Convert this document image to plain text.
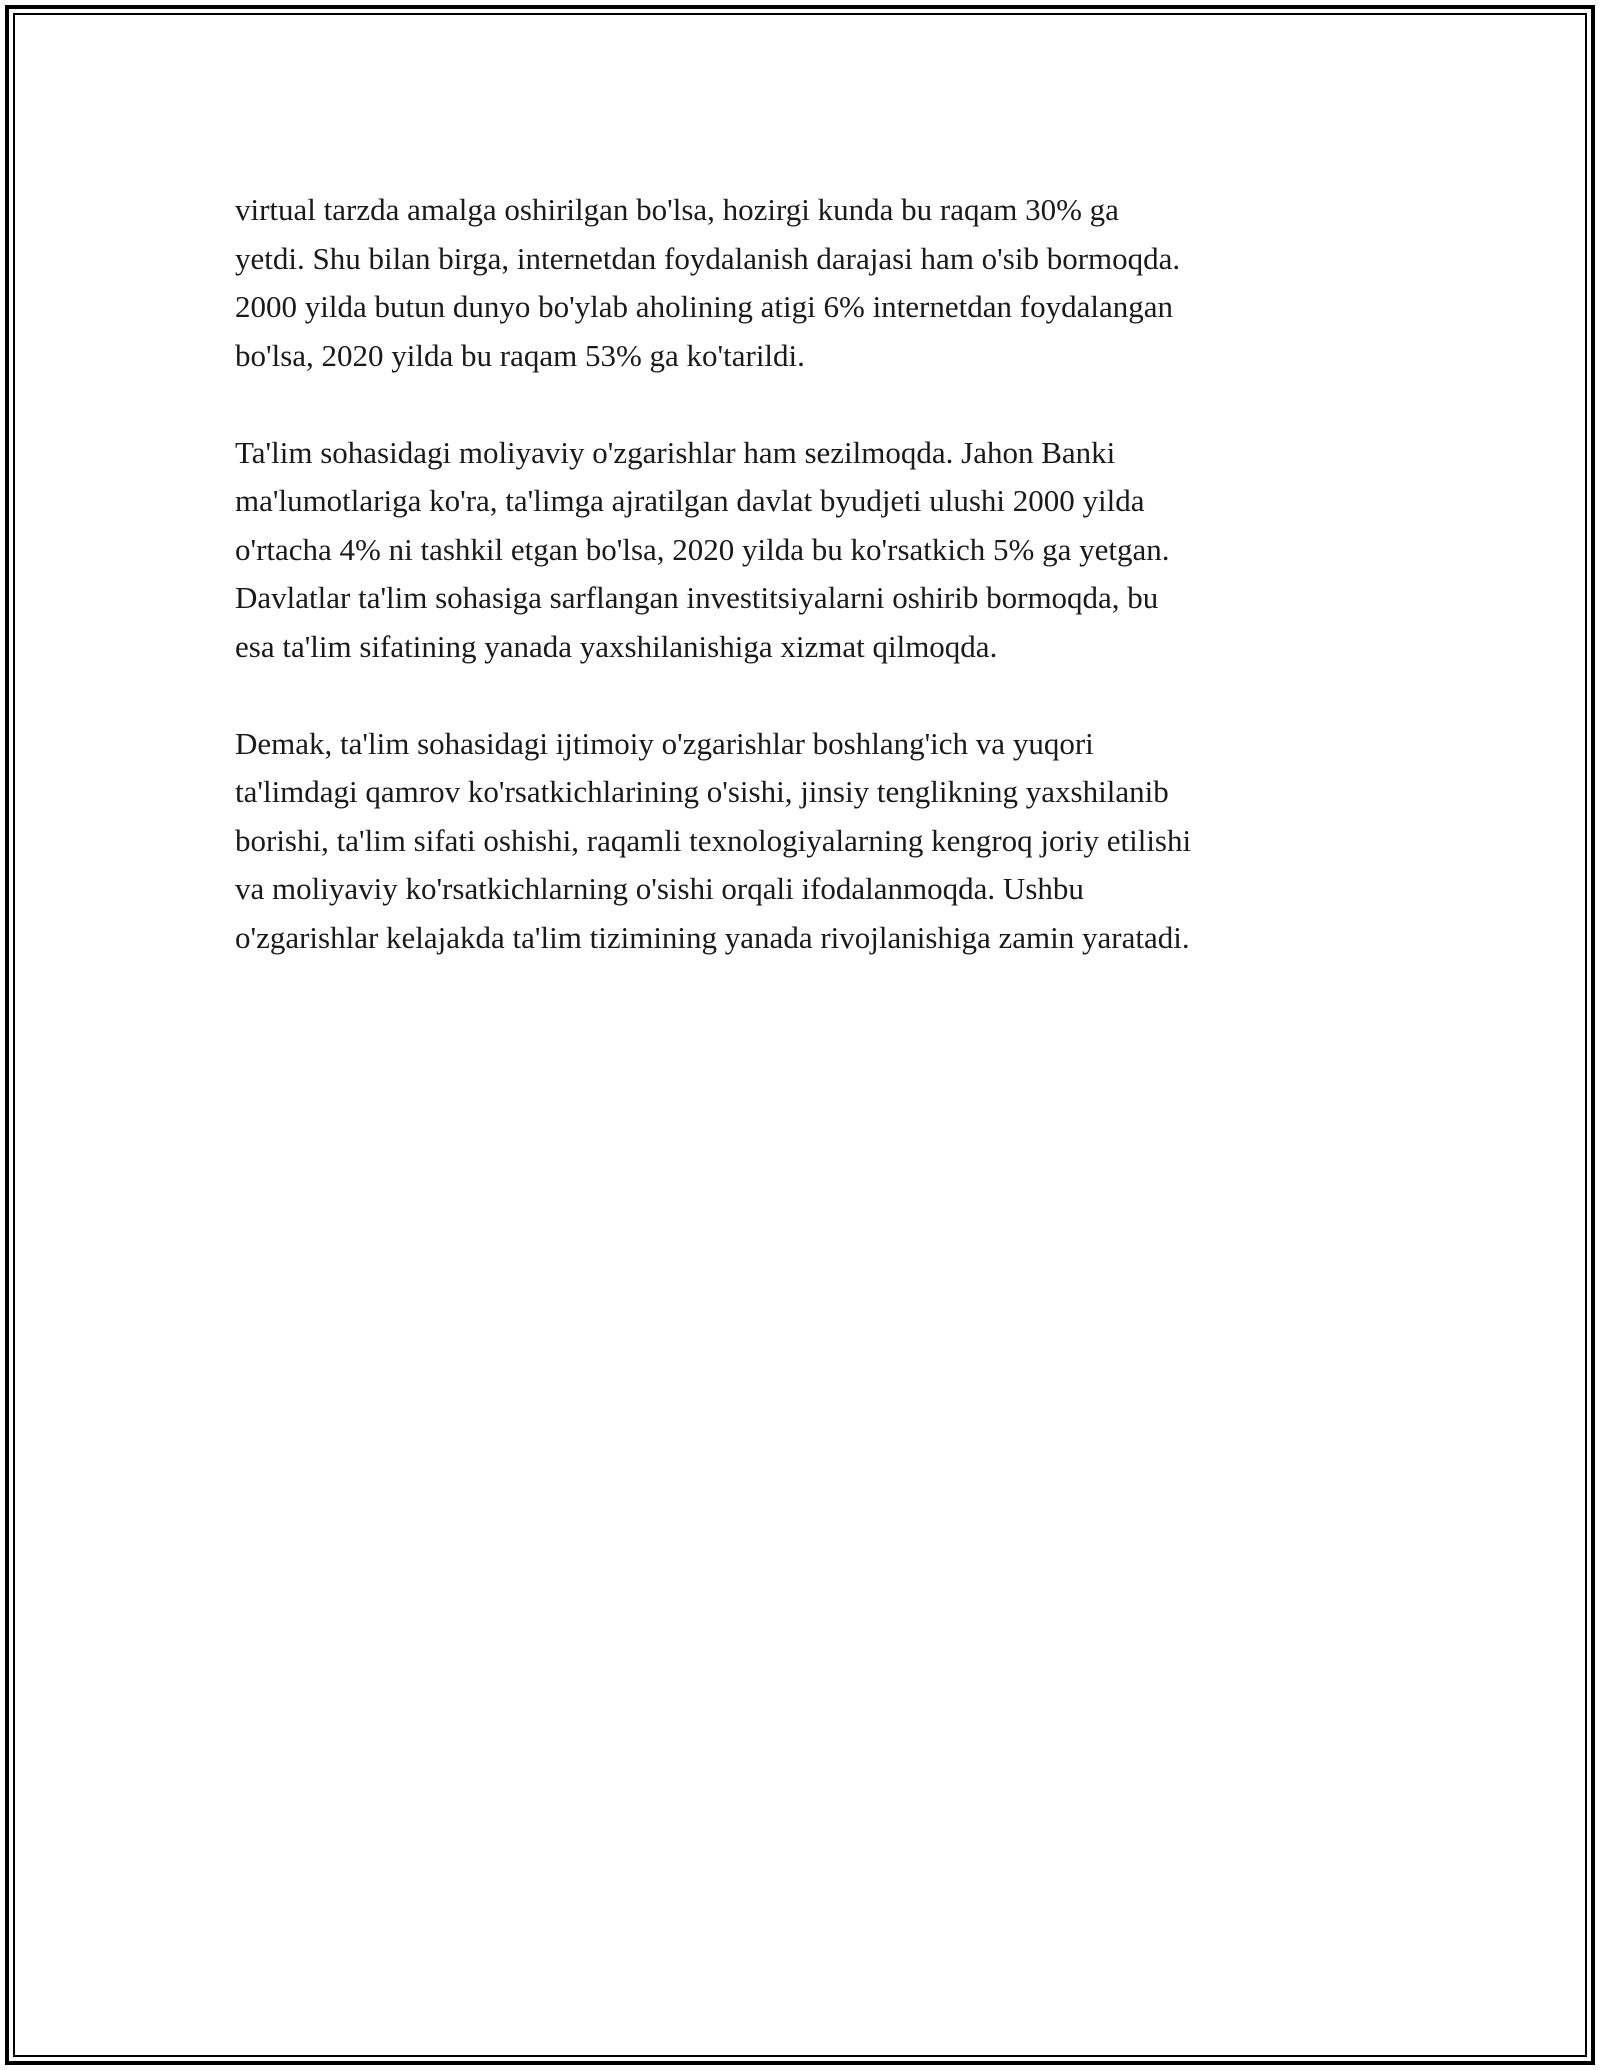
virtual tarzda amalga oshirilgan bo'lsa, hozirgi kunda bu raqam 30% ga
yetdi. Shu bilan birga, internetdan foydalanish darajasi ham o'sib bormoqda.
2000 yilda butun dunyo bo'ylab aholining atigi 6% internetdan foydalangan
bo'lsa, 2020 yilda bu raqam 53% ga ko'tarildi.

Ta'lim sohasidagi moliyaviy o'zgarishlar ham sezilmoqda. Jahon Banki
ma'lumotlariga ko'ra, ta'limga ajratilgan davlat byudjeti ulushi 2000 yilda
o'rtacha 4% ni tashkil etgan bo'lsa, 2020 yilda bu ko'rsatkich 5% ga yetgan.
Davlatlar ta'lim sohasiga sarflangan investitsiyalarni oshirib bormoqda, bu
esa ta'lim sifatining yanada yaxshilanishiga xizmat qilmoqda.

Demak, ta'lim sohasidagi ijtimoiy o'zgarishlar boshlang'ich va yuqori
ta'limdagi qamrov ko'rsatkichlarining o'sishi, jinsiy tenglikning yaxshilanib
borishi, ta'lim sifati oshishi, raqamli texnologiyalarning kengroq joriy etilishi
va moliyaviy ko'rsatkichlarning o'sishi orqali ifodalanmoqda. Ushbu
o'zgarishlar kelajakda ta'lim tizimining yanada rivojlanishiga zamin yaratadi.
